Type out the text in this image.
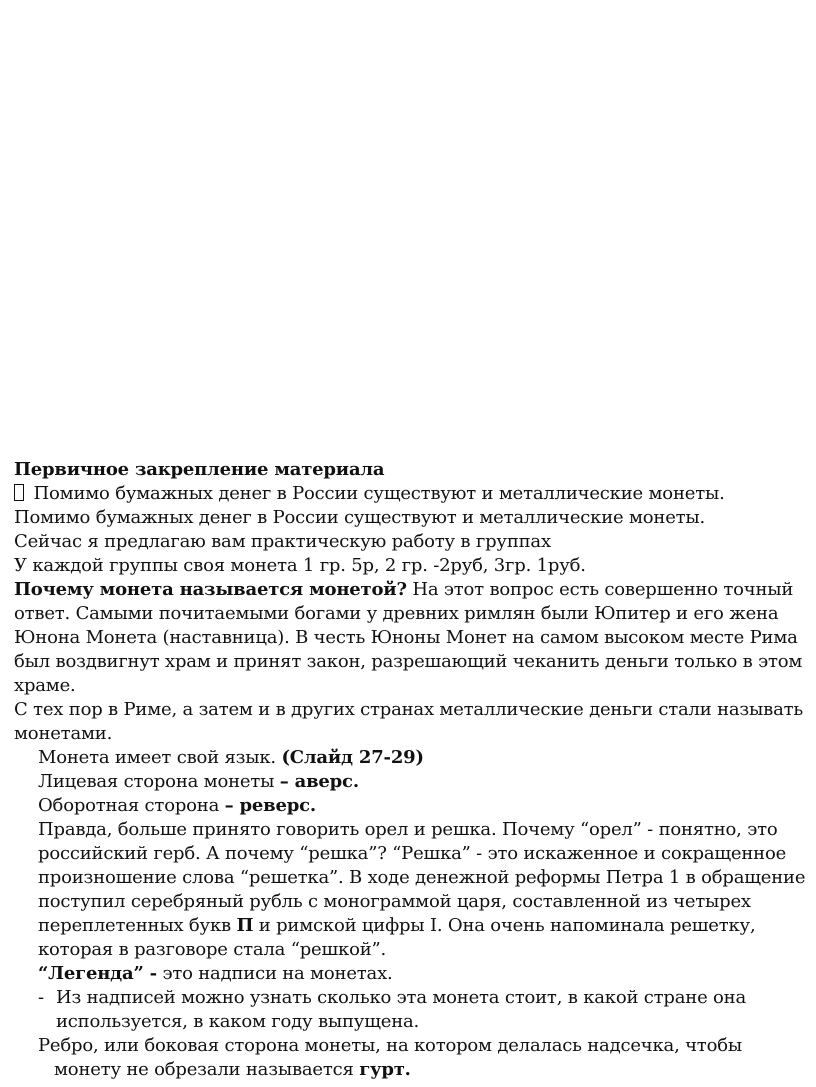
Первичное закрепление материала

Помимо бумажных денег в России существуют и металлические монеты.

Помимо бумажных денег в России существуют и металлические монеты.

Сейчас я предлагаю вам практическую работу в группах

У каждой группы своя монета 1 гр. 5р, 2 гр. -2руб, 3гр. 1руб.

Почему монета называется монетой? На этот вопрос есть совершенно точный ответ. Самыми почитаемыми богами у древних римлян были Юпитер и его жена Юнона Монета (наставница). В честь Юноны Монет на самом высоком месте Рима был воздвигнут храм и принят закон, разрешающий чеканить деньги только в этом храме.

С тех пор в Риме, а затем и в других странах металлические деньги стали называть монетами.

Монета имеет свой язык. (Слайд 27-29)

Лицевая сторона монеты – аверс.

Оборотная сторона – реверс.

Правда, больше принято говорить орел и решка. Почему “орел” - понятно, это российский герб. А почему “решка”? “Решка” - это искаженное и сокращенное произношение слова “решетка”. В ходе денежной реформы Петра 1 в обращение поступил серебряный рубль с монограммой царя, составленной из четырех переплетенных букв П и римской цифры I. Она очень напоминала решетку, которая в разговоре стала “решкой”.

“Легенда” - это надписи на монетах.

- Из надписей можно узнать сколько эта монета стоит, в какой стране она используется, в каком году выпущена.

Ребро, или боковая сторона монеты, на котором делалась надсечка, чтобы монету не обрезали называется гурт.
